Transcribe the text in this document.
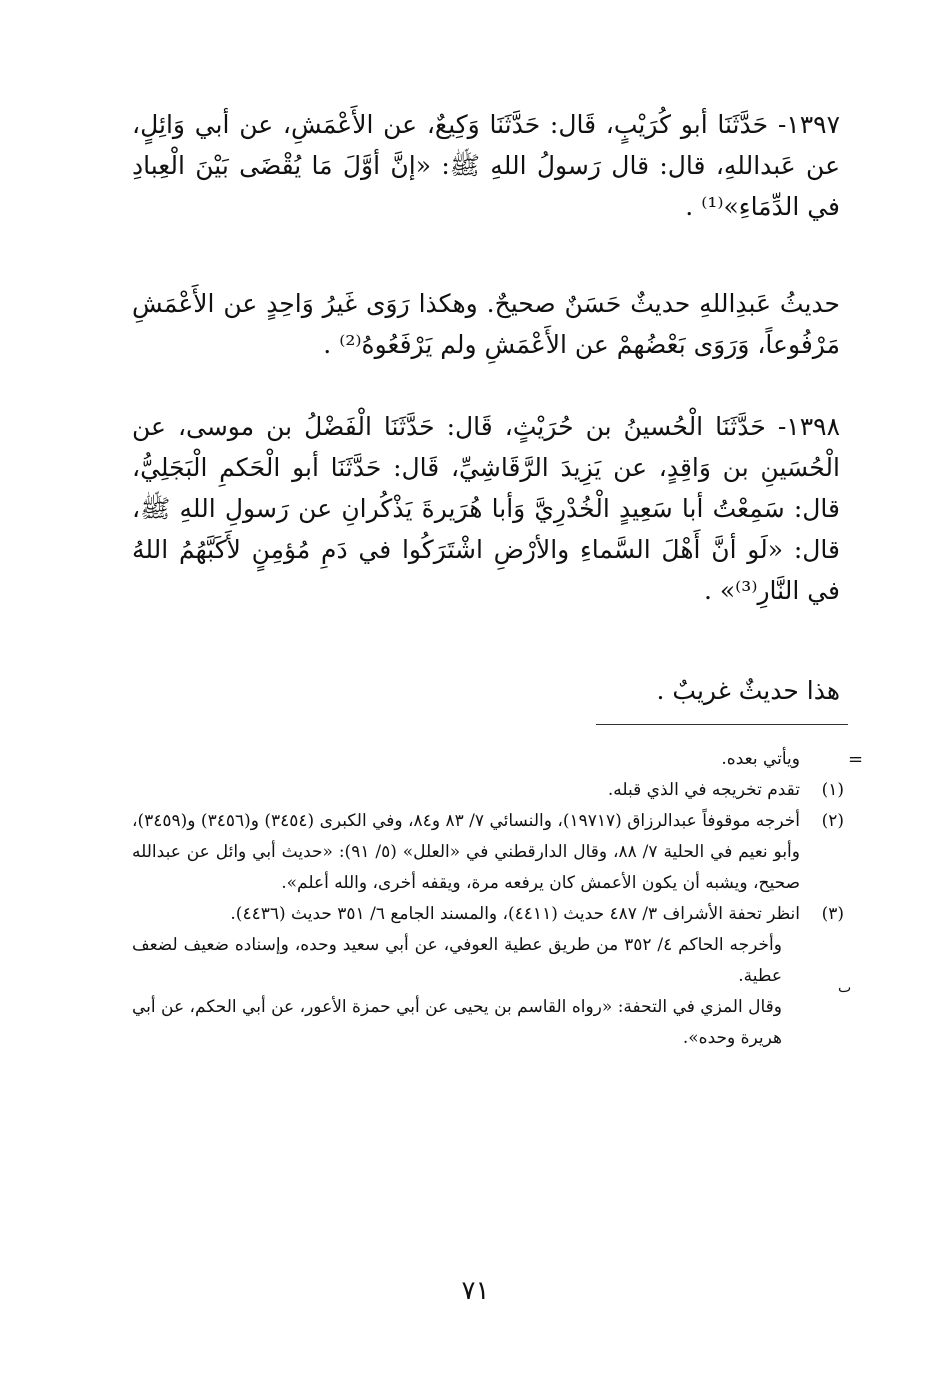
١٣٩٧- حَدَّثَنَا أبو كُرَيْبٍ، قَال: حَدَّثَنَا وَكِيعٌ، عن الأَعْمَشِ، عن أبي وَائِلٍ، عن عَبداللهِ، قال: قال رَسولُ اللهِ ﷺ: «إنَّ أوَّلَ مَا يُقْضَى بَيْنَ الْعِبادِ في الدِّمَاءِ»⁽¹⁾ .
حديثُ عَبدِاللهِ حديثٌ حَسَنٌ صحيحٌ. وهكذا رَوَى غَيرُ وَاحِدٍ عن الأَعْمَشِ مَرْفُوعاً، وَرَوَى بَعْضُهمْ عن الأَعْمَشِ ولم يَرْفَعُوهُ⁽²⁾ .
١٣٩٨- حَدَّثَنَا الْحُسينُ بن حُرَيْثٍ، قَال: حَدَّثَنَا الْفَضْلُ بن موسى، عن الْحُسَينِ بن وَاقِدٍ، عن يَزِيدَ الرَّقَاشِيِّ، قَال: حَدَّثَنَا أبو الْحَكمِ الْبَجَلِيُّ، قال: سَمِعْتُ أبا سَعِيدٍ الْخُدْرِيَّ وَأبا هُرَيرةَ يَذْكُرانِ عن رَسولِ اللهِ ﷺ، قال: «لَو أنَّ أَهْلَ السَّماءِ والأرْضِ اشْتَرَكُوا في دَمِ مُؤمِنٍ لأَكَبَّهُمُ اللهُ في النَّارِ⁽³⁾» .
هذا حديثٌ غريبٌ .
=
ٮ
ويأتي بعده.
(١)
تقدم تخريجه في الذي قبله.
(٢)
أخرجه موقوفاً عبدالرزاق (١٩٧١٧)، والنسائي ٧/ ٨٣ و٨٤، وفي الكبرى (٣٤٥٤) و(٣٤٥٦) و(٣٤٥٩)، وأبو نعيم في الحلية ٧/ ٨٨، وقال الدارقطني في «العلل» (٥/ ٩١): «حديث أبي وائل عن عبدالله صحيح، ويشبه أن يكون الأعمش كان يرفعه مرة، ويقفه أخرى، والله أعلم».
(٣)
انظر تحفة الأشراف ٣/ ٤٨٧ حديث (٤٤١١)، والمسند الجامع ٦/ ٣٥١ حديث (٤٤٣٦).
وأخرجه الحاكم ٤/ ٣٥٢ من طريق عطية العوفي، عن أبي سعيد وحده، وإسناده ضعيف لضعف عطية.
وقال المزي في التحفة: «رواه القاسم بن يحيى عن أبي حمزة الأعور، عن أبي الحكم، عن أبي هريرة وحده».
٧١
